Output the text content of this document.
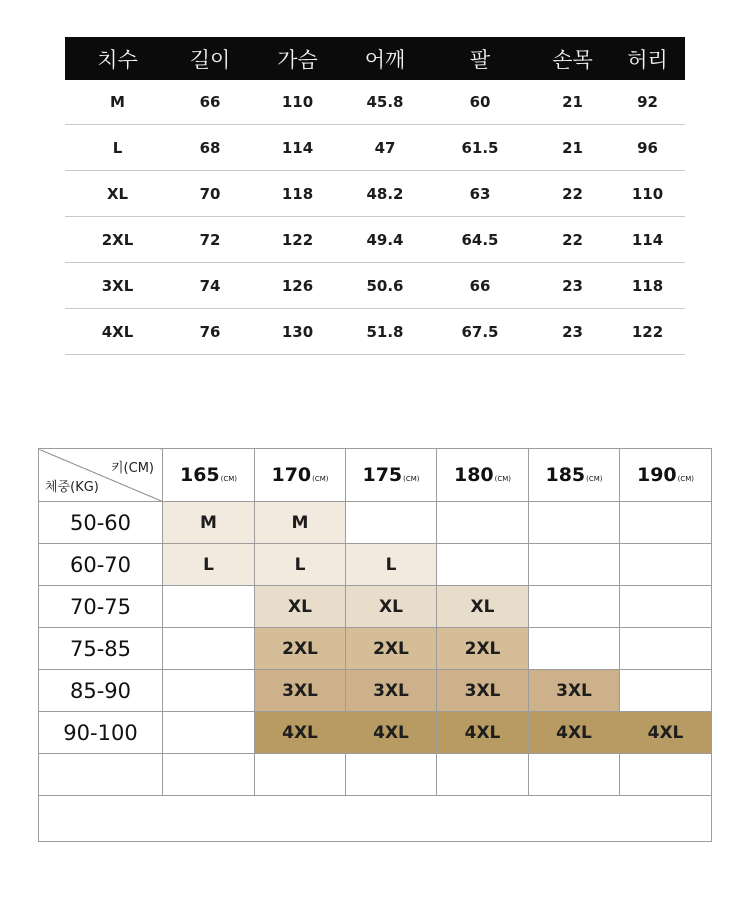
치수	길이	가슴	어깨	팔	손목	허리
M	66	110	45.8	60	21	92
L	68	114	47	61.5	21	96
XL	70	118	48.2	63	22	110
2XL	72	122	49.4	64.5	22	114
3XL	74	126	50.6	66	23	118
4XL	76	130	51.8	67.5	23	122
키(CM)
체중(KG)	165(CM)	170(CM)	175(CM)	180(CM)	185(CM)	190(CM)
50-60	M	M				
60-70	L	L	L			
70-75		XL	XL	XL		
75-85		2XL	2XL	2XL		
85-90		3XL	3XL	3XL	3XL	
90-100		4XL	4XL	4XL	4XL	4XL
